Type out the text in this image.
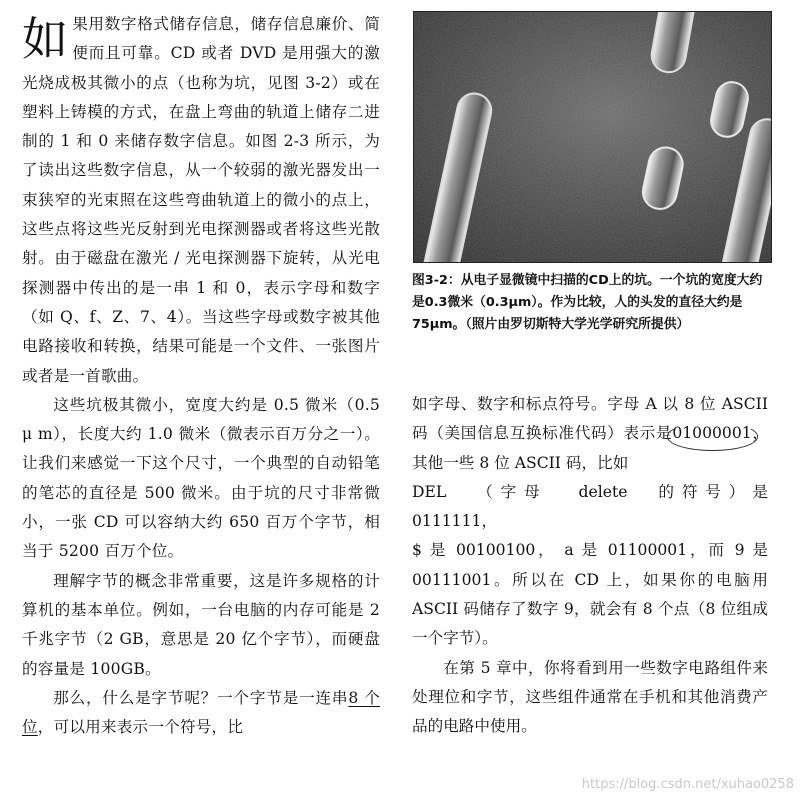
如果用数字格式储存信息，储存信息廉价、简便而且可靠。CD 或者 DVD 是用强大的激光烧成极其微小的点（也称为坑，见图 3-2）或在塑料上铸模的方式，在盘上弯曲的轨道上储存二进制的 1 和 0 来储存数字信息。如图 2-3 所示，为了读出这些数字信息，从一个较弱的激光器发出一束狭窄的光束照在这些弯曲轨道上的微小的点上，这些点将这些光反射到光电探测器或者将这些光散射。由于磁盘在激光 / 光电探测器下旋转，从光电探测器中传出的是一串 1 和 0，表示字母和数字（如 Q、f、Z、7、4）。当这些字母或数字被其他电路接收和转换，结果可能是一个文件、一张图片或者是一首歌曲。

这些坑极其微小，宽度大约是 0.5 微米（0.5 μ m），长度大约 1.0 微米（微表示百万分之一）。让我们来感觉一下这个尺寸，一个典型的自动铅笔的笔芯的直径是 500 微米。由于坑的尺寸非常微小，一张 CD 可以容纳大约 650 百万个字节，相当于 5200 百万个位。

理解字节的概念非常重要，这是许多规格的计算机的基本单位。例如，一台电脑的内存可能是 2 千兆字节（2 GB，意思是 20 亿个字节），而硬盘的容量是 100GB。

那么，什么是字节呢？一个字节是一连串8 个位，可以用来表示一个符号，比

图3-2：从电子显微镜中扫描的CD上的坑。一个坑的宽度大约是0.3微米（0.3μm）。作为比较，人的头发的直径大约是75μm。（照片由罗切斯特大学光学研究所提供）

如字母、数字和标点符号。字母 A 以 8 位 ASCII 码（美国信息互换标准代码）表示是01000001，其他一些 8 位 ASCII 码，比如
DEL （字母 delete 的符号）是 0111111，
$ 是 00100100， a 是 01100001，而 9 是 00111001。所以在 CD 上，如果你的电脑用 ASCII 码储存了数字 9，就会有 8 个点（8 位组成一个字节）。

在第 5 章中，你将看到用一些数字电路组件来处理位和字节，这些组件通常在手机和其他消费产品的电路中使用。

https://blog.csdn.net/xuhao0258
